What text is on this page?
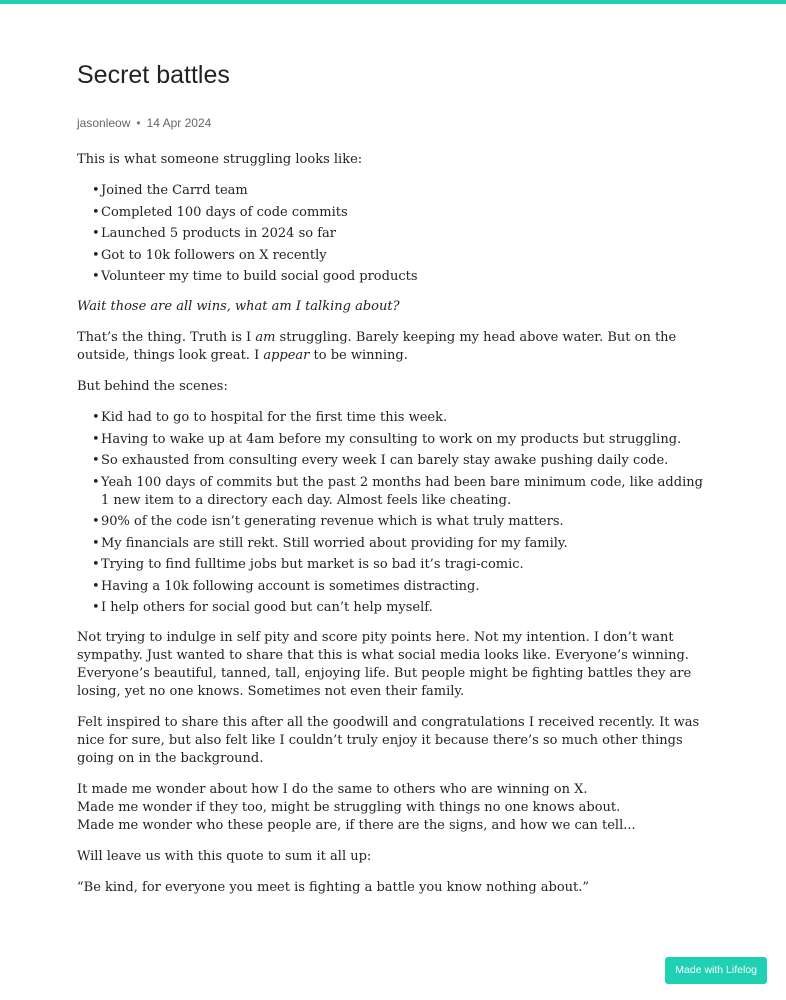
Secret battles
jasonleow • 14 Apr 2024

This is what someone struggling looks like:

• Joined the Carrd team
• Completed 100 days of code commits
• Launched 5 products in 2024 so far
• Got to 10k followers on X recently
• Volunteer my time to build social good products

Wait those are all wins, what am I talking about?

That’s the thing. Truth is I am struggling. Barely keeping my head above water. But on the outside, things look great. I appear to be winning.

But behind the scenes:

• Kid had to go to hospital for the first time this week.
• Having to wake up at 4am before my consulting to work on my products but struggling.
• So exhausted from consulting every week I can barely stay awake pushing daily code.
• Yeah 100 days of commits but the past 2 months had been bare minimum code, like adding 1 new item to a directory each day. Almost feels like cheating.
• 90% of the code isn’t generating revenue which is what truly matters.
• My financials are still rekt. Still worried about providing for my family.
• Trying to find fulltime jobs but market is so bad it’s tragi-comic.
• Having a 10k following account is sometimes distracting.
• I help others for social good but can’t help myself.

Not trying to indulge in self pity and score pity points here. Not my intention. I don’t want sympathy. Just wanted to share that this is what social media looks like. Everyone’s winning. Everyone’s beautiful, tanned, tall, enjoying life. But people might be fighting battles they are losing, yet no one knows. Sometimes not even their family.

Felt inspired to share this after all the goodwill and congratulations I received recently. It was nice for sure, but also felt like I couldn’t truly enjoy it because there’s so much other things going on in the background.

It made me wonder about how I do the same to others who are winning on X.
Made me wonder if they too, might be struggling with things no one knows about.
Made me wonder who these people are, if there are the signs, and how we can tell...

Will leave us with this quote to sum it all up:

“Be kind, for everyone you meet is fighting a battle you know nothing about.”

Made with Lifelog
